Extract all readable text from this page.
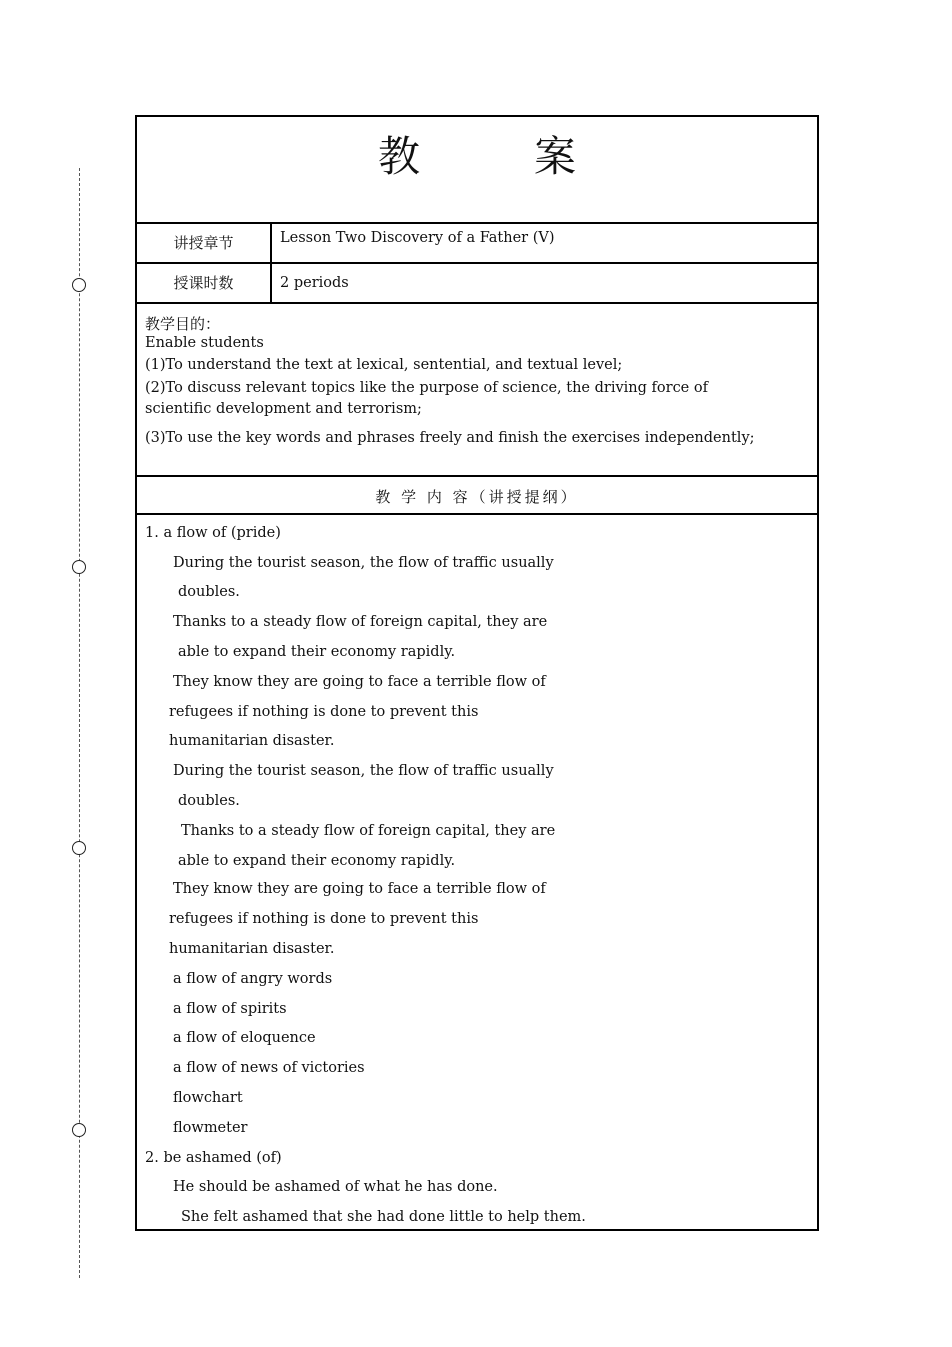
教　案
讲授章节	Lesson Two Discovery of a Father (V)
授课时数	2 periods
教学目的：
Enable students
(1)To understand the text at lexical, sentential, and textual level;
(2)To discuss relevant topics like the purpose of science, the driving force of
scientific development and terrorism;
(3)To use the key words and phrases freely and finish the exercises independently;
教 学 内 容（讲授提纲）
1. a flow of (pride)
During the tourist season, the flow of traffic usually
doubles.
Thanks to a steady flow of foreign capital, they are
able to expand their economy rapidly.
They know they are going to face a terrible flow of
refugees if nothing is done to prevent this
humanitarian disaster.
During the tourist season, the flow of traffic usually
doubles.
Thanks to a steady flow of foreign capital, they are
able to expand their economy rapidly.
They know they are going to face a terrible flow of
refugees if nothing is done to prevent this
humanitarian disaster.
a flow of angry words
a flow of spirits
a flow of eloquence
a flow of news of victories
flowchart
flowmeter
2. be ashamed (of)
He should be ashamed of what he has done.
She felt ashamed that she had done little to help them.
